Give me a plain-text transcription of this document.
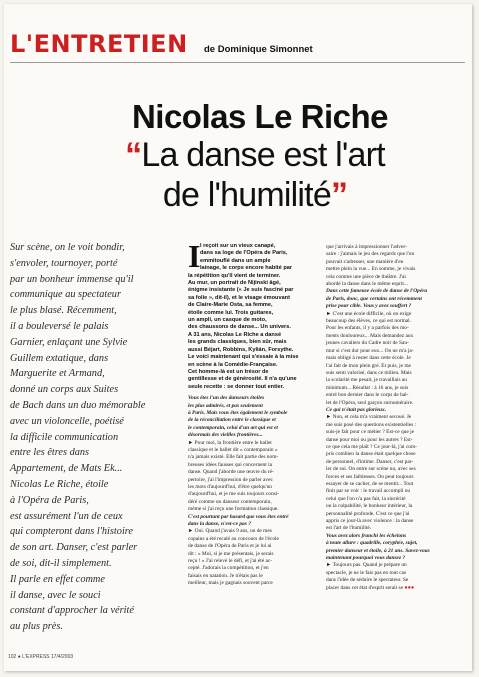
L'ENTRETIEN de Dominique Simonnet
Nicolas Le Riche
“La danse est l'art
de l'humilité”
Sur scène, on le voit bondir,
s'envoler, tournoyer, porté
par un bonheur immense qu'il
communique au spectateur
le plus blasé. Récemment,
il a bouleversé le palais
Garnier, enlaçant une Sylvie
Guillem extatique, dans
Marguerite et Armand,
donné un corps aux Suites
de Bach dans un duo mémorable
avec un violoncelle, poétisé
la difficile communication
entre les êtres dans
Appartement, de Mats Ek...
Nicolas Le Riche, étoile
à l'Opéra de Paris,
est assurément l'un de ceux
qui compteront dans l'histoire
de son art. Danser, c'est parler
de soi, dit-il simplement.
Il parle en effet comme
il danse, avec le souci
constant d'approcher la vérité
au plus près.
I l reçoit sur un vieux canapé,
dans sa loge de l'Opéra de Paris,
emmitouflé dans un ample
lainage, le corps encore habité par
la répétition qu'il vient de terminer.
Au mur, un portrait de Nijinski âgé,
énigme insistante (« Je suis fasciné par
sa folie », dit-il), et le visage émouvant
de Claire-Marie Osta, sa femme,
étoile comme lui. Trois guitares,
un ampli, un casque de moto,
des chaussons de danse... Un univers.
A 31 ans, Nicolas Le Riche a dansé
les grands classiques, bien sûr, mais
aussi Béjart, Robbins, Kylián, Forsythe.
Le voici maintenant qui s'essaie à la mise
en scène à la Comédie-Française.
Cet homme-là est un trésor de
gentillesse et de générosité. Il n'a qu'une
seule recette : se donner tout entier.
Vous êtes l'un des danseurs étoiles
les plus admirés, et pas seulement
à Paris. Mais vous êtes également le symbole
de la réconciliation entre le classique et
le contemporain, celui d'un art qui est et
désormais des vieilles frontières...
► Pour moi, la frontière entre le ballet
classique et le ballet dit « contemporain »
n'a jamais existé. Elle fait partie des nom-
breuses idées fausses qui concernent la
danse. Quand j'aborde une œuvre du ré-
pertoire, j'ai l'impression de parler avec
les mots d'aujourd'hui, d'être quelqu'un
d'aujourd'hui, et je me suis toujours consi-
déré comme un danseur contemporain,
même si j'ai reçu une formation classique.
C'est pourtant par hasard que vous êtes entré
dans la danse, n'est-ce pas ?
► Oui. Quand j'avais 9 ans, un de mes
copains a été recalé au concours de l'école
de danse de l'Opéra de Paris et je lui ai
dit : « Moi, si je me présentais, je serais
reçu ! » J'ai relevé le défi, et j'ai été ac-
cepté. J'adorais la compétition, et j'en
faisais en natation. Je n'étais pas le
meilleur, mais je gagnais souvent parce
que j'arrivais à impressionner l'adver-
saire : j'aimais le jeu des regards que l'on
pouvait s'adresser, une manière d'en
mettre plein la vue... En somme, je vivais
cela comme une pièce de théâtre. J'ai
abordé la danse dans le même esprit...
Dans cette fameuse école de danse de l'Opéra
de Paris, donc, que certains ont récemment
prise pour cible. Vous y avez souffert ?
► C'est une école difficile, où on exige
beaucoup des élèves, ce qui est normal.
Pour les enfants, il y a parfois des mo-
ments douloureux... Mais demandez aux
jeunes cavaliers du Cadre noir de Sau-
mur si c'est dur pour eux... On ne m'a ja-
mais obligé à rester dans cette école. Je
l'ai fait de mon plein gré. Et puis, je me
suis senti valorisé, dans ce milieu. Mais
la scolarité me pesait, je travaillais au
minimum... Résultat : à 16 ans, je suis
entré bon dernier dans le corps de bal-
let de l'Opéra, seul garçon surnuméraire.
Ce qui n'était pas glorieux.
► Non, et cela m'a vraiment secoué. Je
me suis posé des questions existentielles :
suis-je fait pour ce métier ? Est-ce que je
danse pour moi ou pour les autres ? Est-
ce que cela me plaît ? Ce jour-là, j'ai com-
pris combien la danse était quelque chose
de personnel, d'intime. Danser, c'est par-
ler de soi. On entre sur scène nu, avec ses
forces et ses faiblesses. On peut toujours
essayer de se cacher, de se mentir... Tout
finit par se voir : le travail accompli ou
celui que l'on n'a pas fait, la sincérité
ou la culpabilité, le bonheur intérieur, la
personnalité profonde. C'est ce que j'ai
appris ce jour-là avec violence : la danse
est l'art de l'humilité.
Vous avez alors franchi les échelons
à toute allure : quadrille, coryphée, sujet,
premier danseur et étoile, à 21 ans. Savez-vous
maintenant pourquoi vous dansez ?
► Toujours pas. Quand je prépare un
spectacle, je ne le fais pas en tout cas
dans l'idée de séduire le spectateur. Se
placer dans cet état d'esprit serait se ●●●
102 ● L'EXPRESS 17/4/2003
